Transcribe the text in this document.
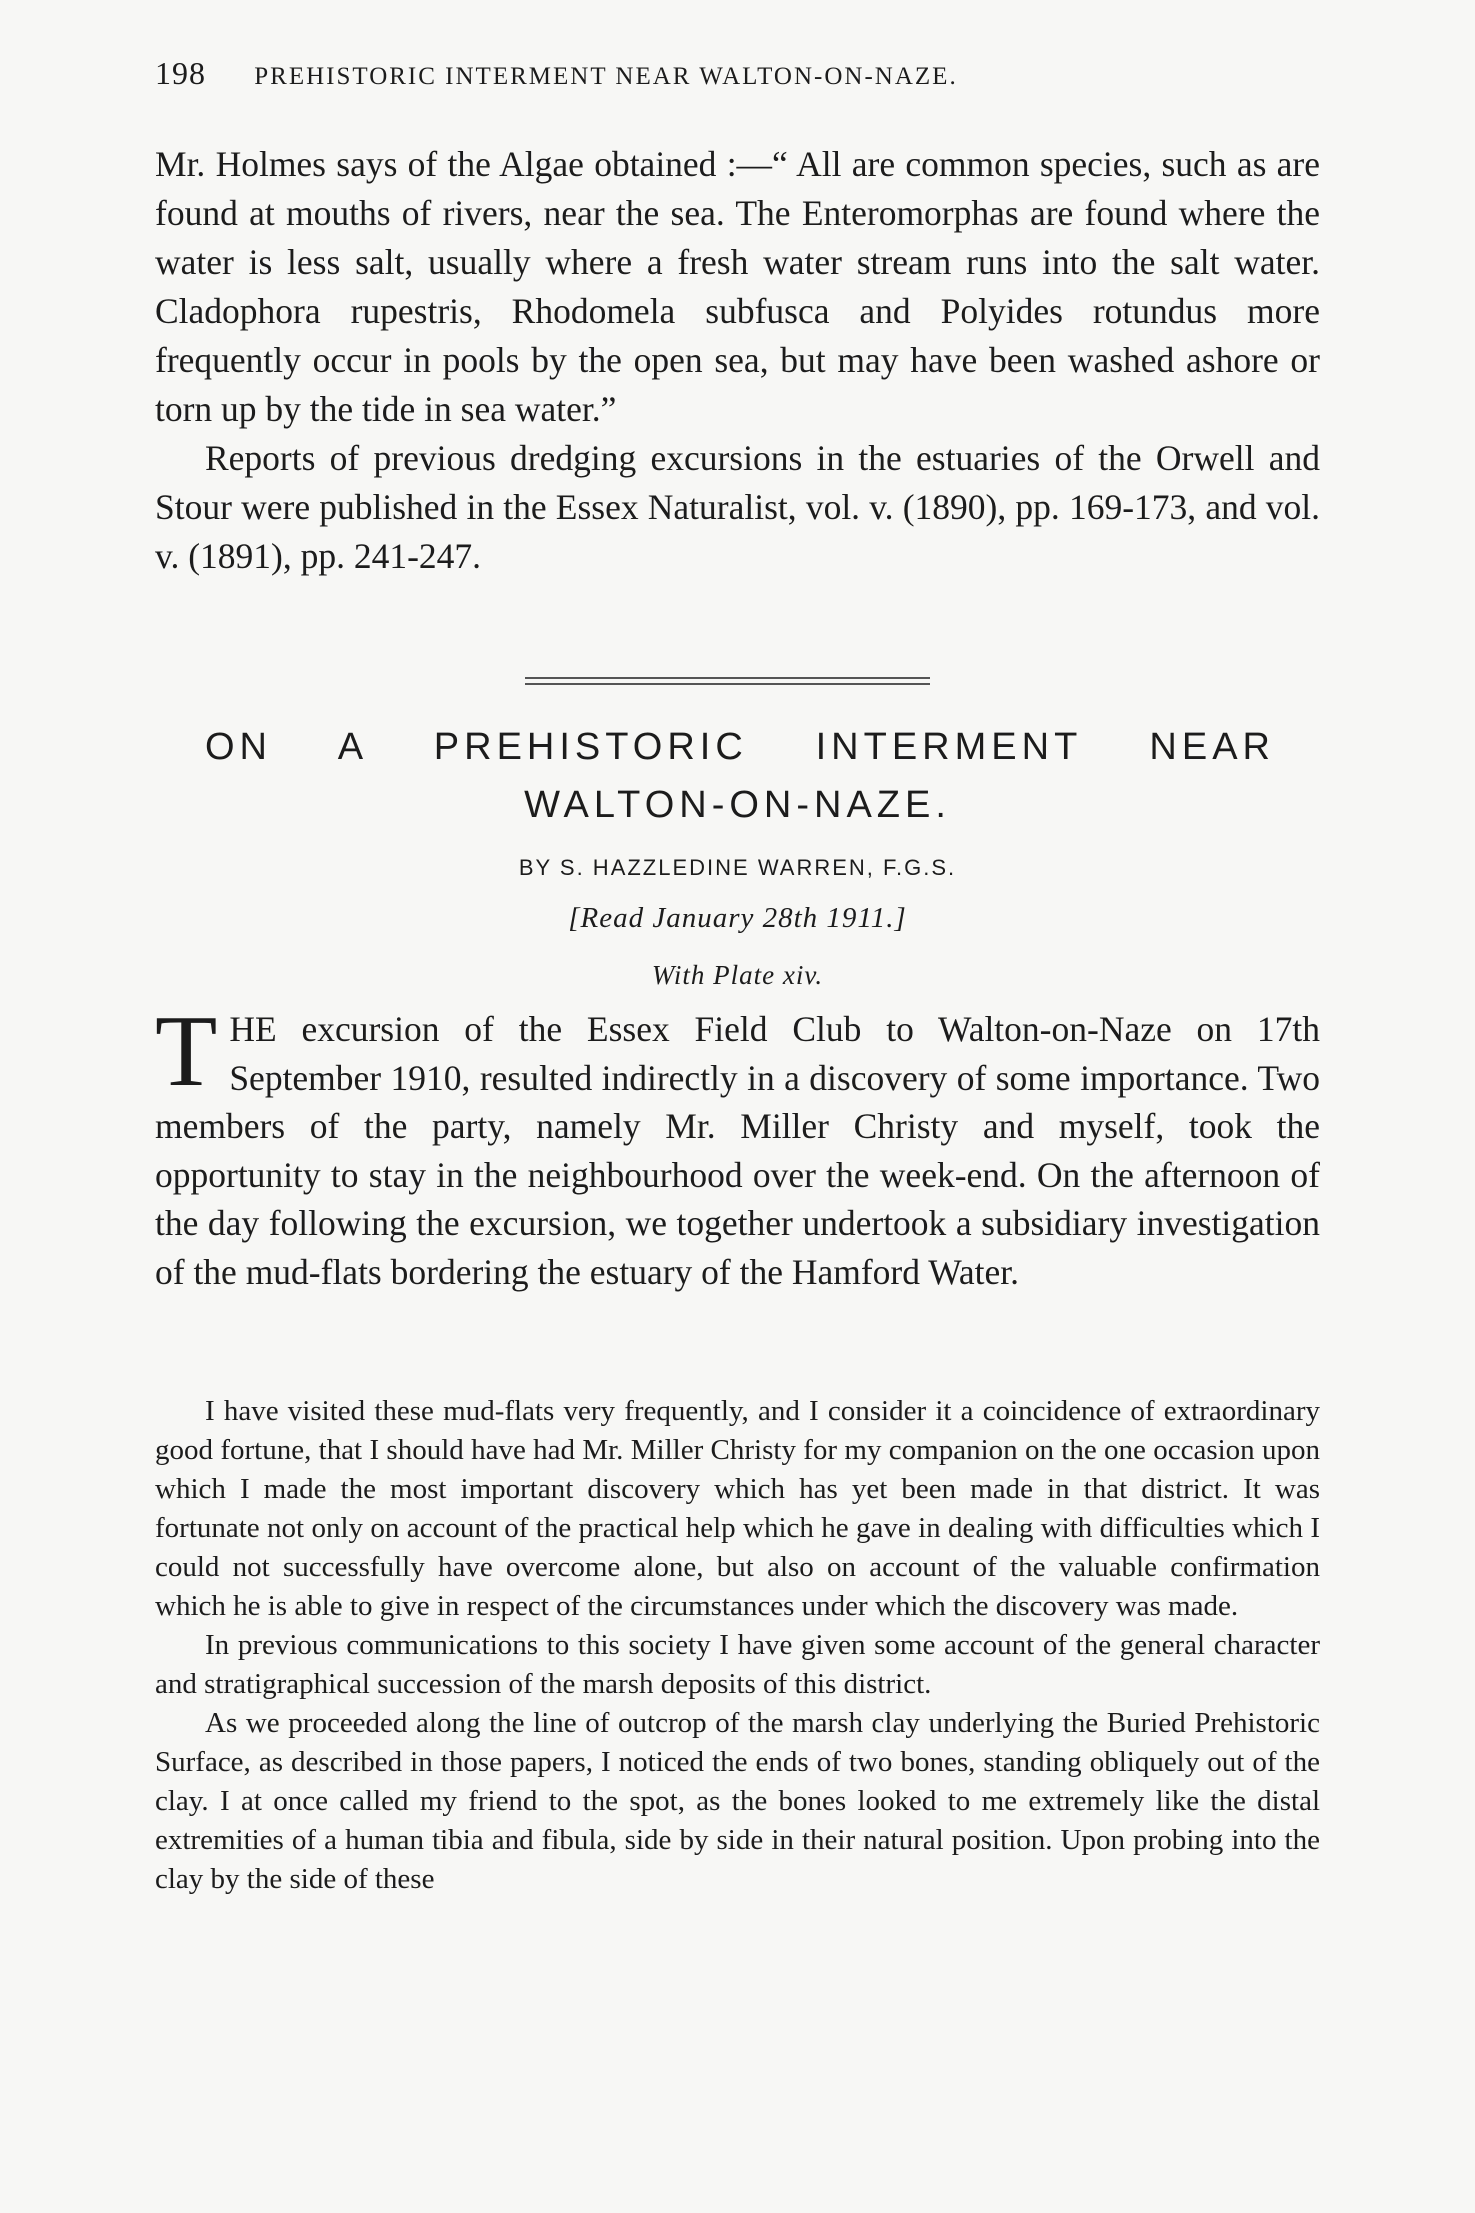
198 PREHISTORIC INTERMENT NEAR WALTON-ON-NAZE.

Mr. Holmes says of the Algae obtained :—“ All are common species, such as are found at mouths of rivers, near the sea. The Enteromorphas are found where the water is less salt, usually where a fresh water stream runs into the salt water. Cladophora rupestris, Rhodomela subfusca and Polyides rotundus more frequently occur in pools by the open sea, but may have been washed ashore or torn up by the tide in sea water.”

Reports of previous dredging excursions in the estuaries of the Orwell and Stour were published in the Essex Naturalist, vol. v. (1890), pp. 169-173, and vol. v. (1891), pp. 241-247.

ON A PREHISTORIC INTERMENT NEAR
WALTON-ON-NAZE.
BY S. HAZZLEDINE WARREN, F.G.S.
[Read January 28th 1911.]
With Plate xiv.

THE excursion of the Essex Field Club to Walton-on-Naze on 17th September 1910, resulted indirectly in a discovery of some importance. Two members of the party, namely Mr. Miller Christy and myself, took the opportunity to stay in the neighbourhood over the week-end. On the afternoon of the day following the excursion, we together undertook a subsidiary investigation of the mud-flats bordering the estuary of the Hamford Water.

I have visited these mud-flats very frequently, and I consider it a coincidence of extraordinary good fortune, that I should have had Mr. Miller Christy for my companion on the one occasion upon which I made the most important discovery which has yet been made in that district. It was fortunate not only on account of the practical help which he gave in dealing with difficulties which I could not successfully have overcome alone, but also on account of the valuable confirmation which he is able to give in respect of the circumstances under which the discovery was made.

In previous communications to this society I have given some account of the general character and stratigraphical succession of the marsh deposits of this district.

As we proceeded along the line of outcrop of the marsh clay underlying the Buried Prehistoric Surface, as described in those papers, I noticed the ends of two bones, standing obliquely out of the clay. I at once called my friend to the spot, as the bones looked to me extremely like the distal extremities of a human tibia and fibula, side by side in their natural position. Upon probing into the clay by the side of these
